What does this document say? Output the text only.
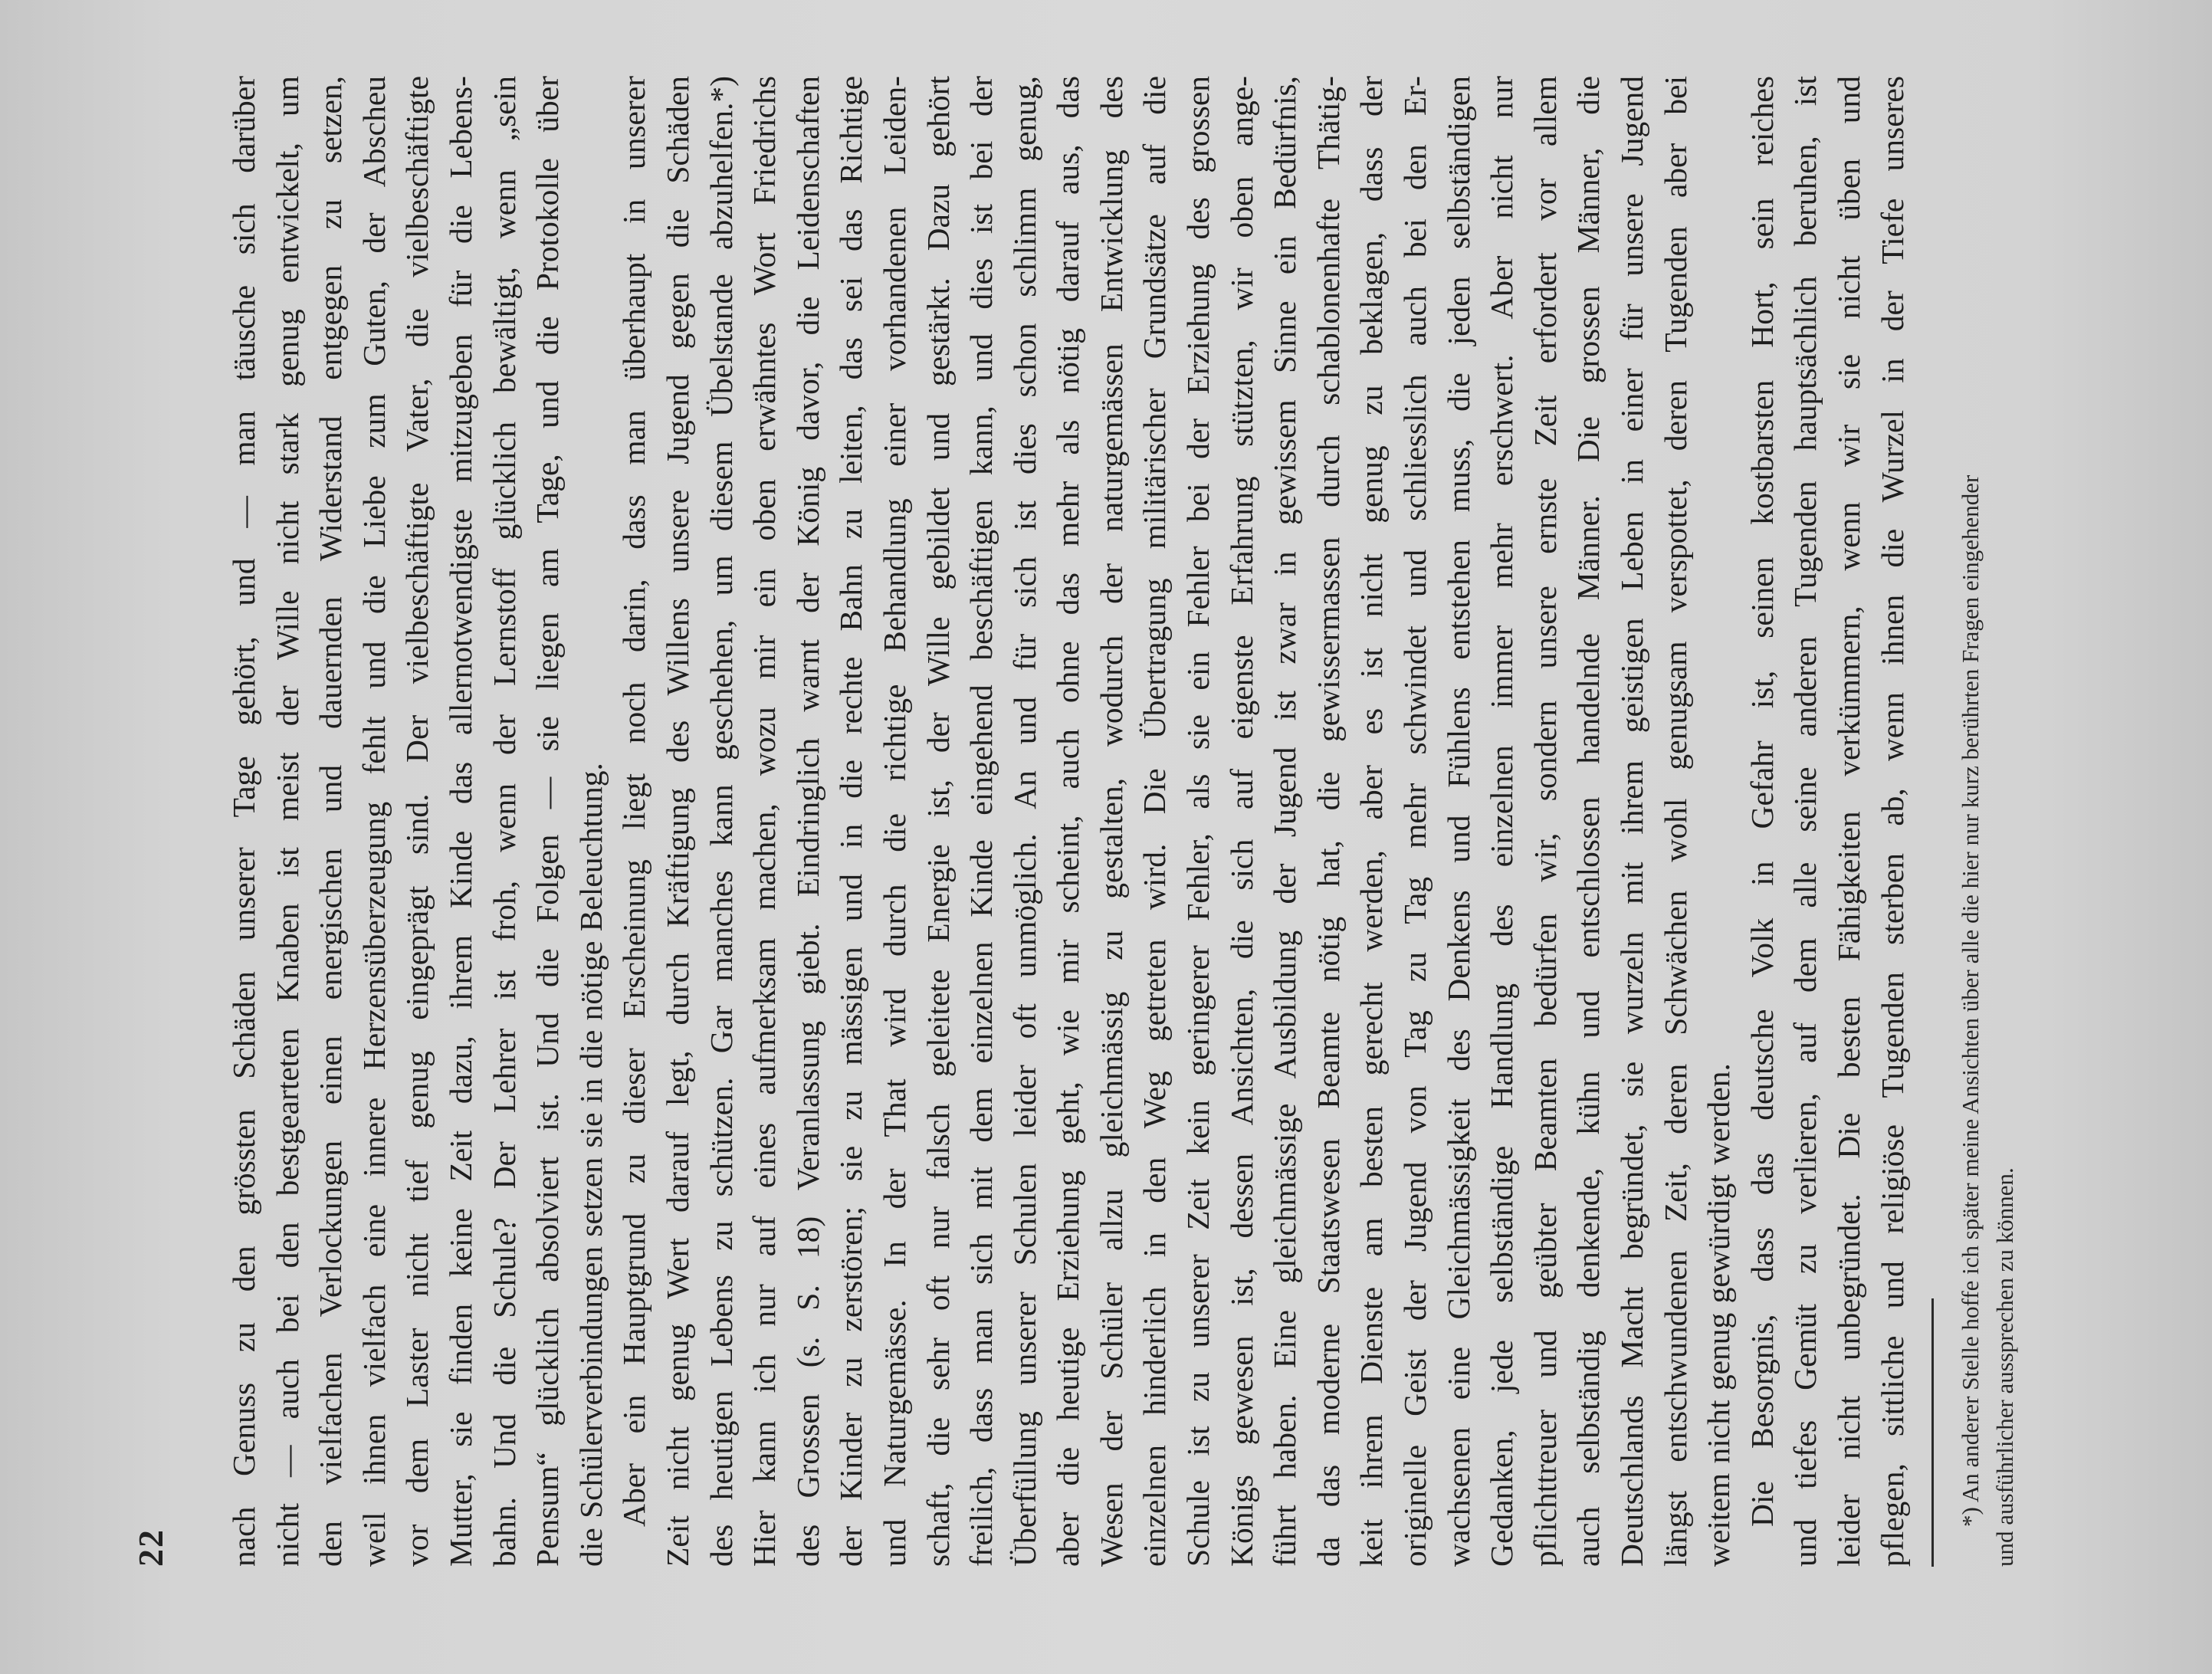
22 nach Genuss zu den grössten Schäden unserer Tage gehört, und — man täusche sich darüber nicht — auch bei den bestgearteten Knaben ist meist der Wille nicht stark genug entwickelt, um den vielfachen Verlockungen einen energischen und dauernden Widerstand entgegen zu setzen, weil ihnen vielfach eine innere Herzensüberzeugung fehlt und die Liebe zum Guten, der Abscheu vor dem Laster nicht tief genug eingeprägt sind. Der vielbeschäftigte Vater, die vielbeschäftigte Mutter, sie finden keine Zeit dazu, ihrem Kinde das allernotwendigste mitzugeben für die Lebens- bahn. Und die Schule? Der Lehrer ist froh, wenn der Lernstoff glücklich bewältigt, wenn „sein Pensum“ glücklich absolviert ist. Und die Folgen — sie liegen am Tage, und die Protokolle über die Schülerverbindungen setzen sie in die nötige Beleuchtung. Aber ein Hauptgrund zu dieser Erscheinung liegt noch darin, dass man überhaupt in unserer Zeit nicht genug Wert darauf legt, durch Kräftigung des Willens unsere Jugend gegen die Schäden des heutigen Lebens zu schützen. Gar manches kann geschehen, um diesem Übelstande abzuhelfen.*) Hier kann ich nur auf eines aufmerksam machen, wozu mir ein oben erwähntes Wort Friedrichs des Grossen (s. S. 18) Veranlassung giebt. Eindringlich warnt der König davor, die Leidenschaften der Kinder zu zerstören; sie zu mässigen und in die rechte Bahn zu leiten, das sei das Richtige und Naturgemässe. In der That wird durch die richtige Behandlung einer vorhandenen Leiden- schaft, die sehr oft nur falsch geleitete Energie ist, der Wille gebildet und gestärkt. Dazu gehört freilich, dass man sich mit dem einzelnen Kinde eingehend beschäftigen kann, und dies ist bei der Überfüllung unserer Schulen leider oft unmöglich. An und für sich ist dies schon schlimm genug, aber die heutige Erziehung geht, wie mir scheint, auch ohne das mehr als nötig darauf aus, das Wesen der Schüler allzu gleichmässig zu gestalten, wodurch der naturgemässen Entwicklung des einzelnen hinderlich in den Weg getreten wird. Die Übertragung militärischer Grundsätze auf die Schule ist zu unserer Zeit kein geringerer Fehler, als sie ein Fehler bei der Erziehung des grossen Königs gewesen ist, dessen Ansichten, die sich auf eigenste Erfahrung stützten, wir oben ange- führt haben. Eine gleichmässige Ausbildung der Jugend ist zwar in gewissem Sinne ein Bedürfnis, da das moderne Staatswesen Beamte nötig hat, die gewissermassen durch schablonenhafte Thätig- keit ihrem Dienste am besten gerecht werden, aber es ist nicht genug zu beklagen, dass der originelle Geist der Jugend von Tag zu Tag mehr schwindet und schliesslich auch bei den Er- wachsenen eine Gleichmässigkeit des Denkens und Fühlens entstehen muss, die jeden selbständigen Gedanken, jede selbständige Handlung des einzelnen immer mehr erschwert. Aber nicht nur pflichttreuer und geübter Beamten bedürfen wir, sondern unsere ernste Zeit erfordert vor allem auch selbständig denkende, kühn und entschlossen handelnde Männer. Die grossen Männer, die Deutschlands Macht begründet, sie wurzeln mit ihrem geistigen Leben in einer für unsere Jugend längst entschwundenen Zeit, deren Schwächen wohl genugsam verspottet, deren Tugenden aber bei weitem nicht genug gewürdigt werden. Die Besorgnis, dass das deutsche Volk in Gefahr ist, seinen kostbarsten Hort, sein reiches und tiefes Gemüt zu verlieren, auf dem alle seine anderen Tugenden hauptsächlich beruhen, ist leider nicht unbegründet. Die besten Fähigkeiten verkümmern, wenn wir sie nicht üben und pflegen, sittliche und religiöse Tugenden sterben ab, wenn ihnen die Wurzel in der Tiefe unseres *) An anderer Stelle hoffe ich später meine Ansichten über alle die hier nur kurz berührten Fragen eingehender und ausführlicher aussprechen zu können.
